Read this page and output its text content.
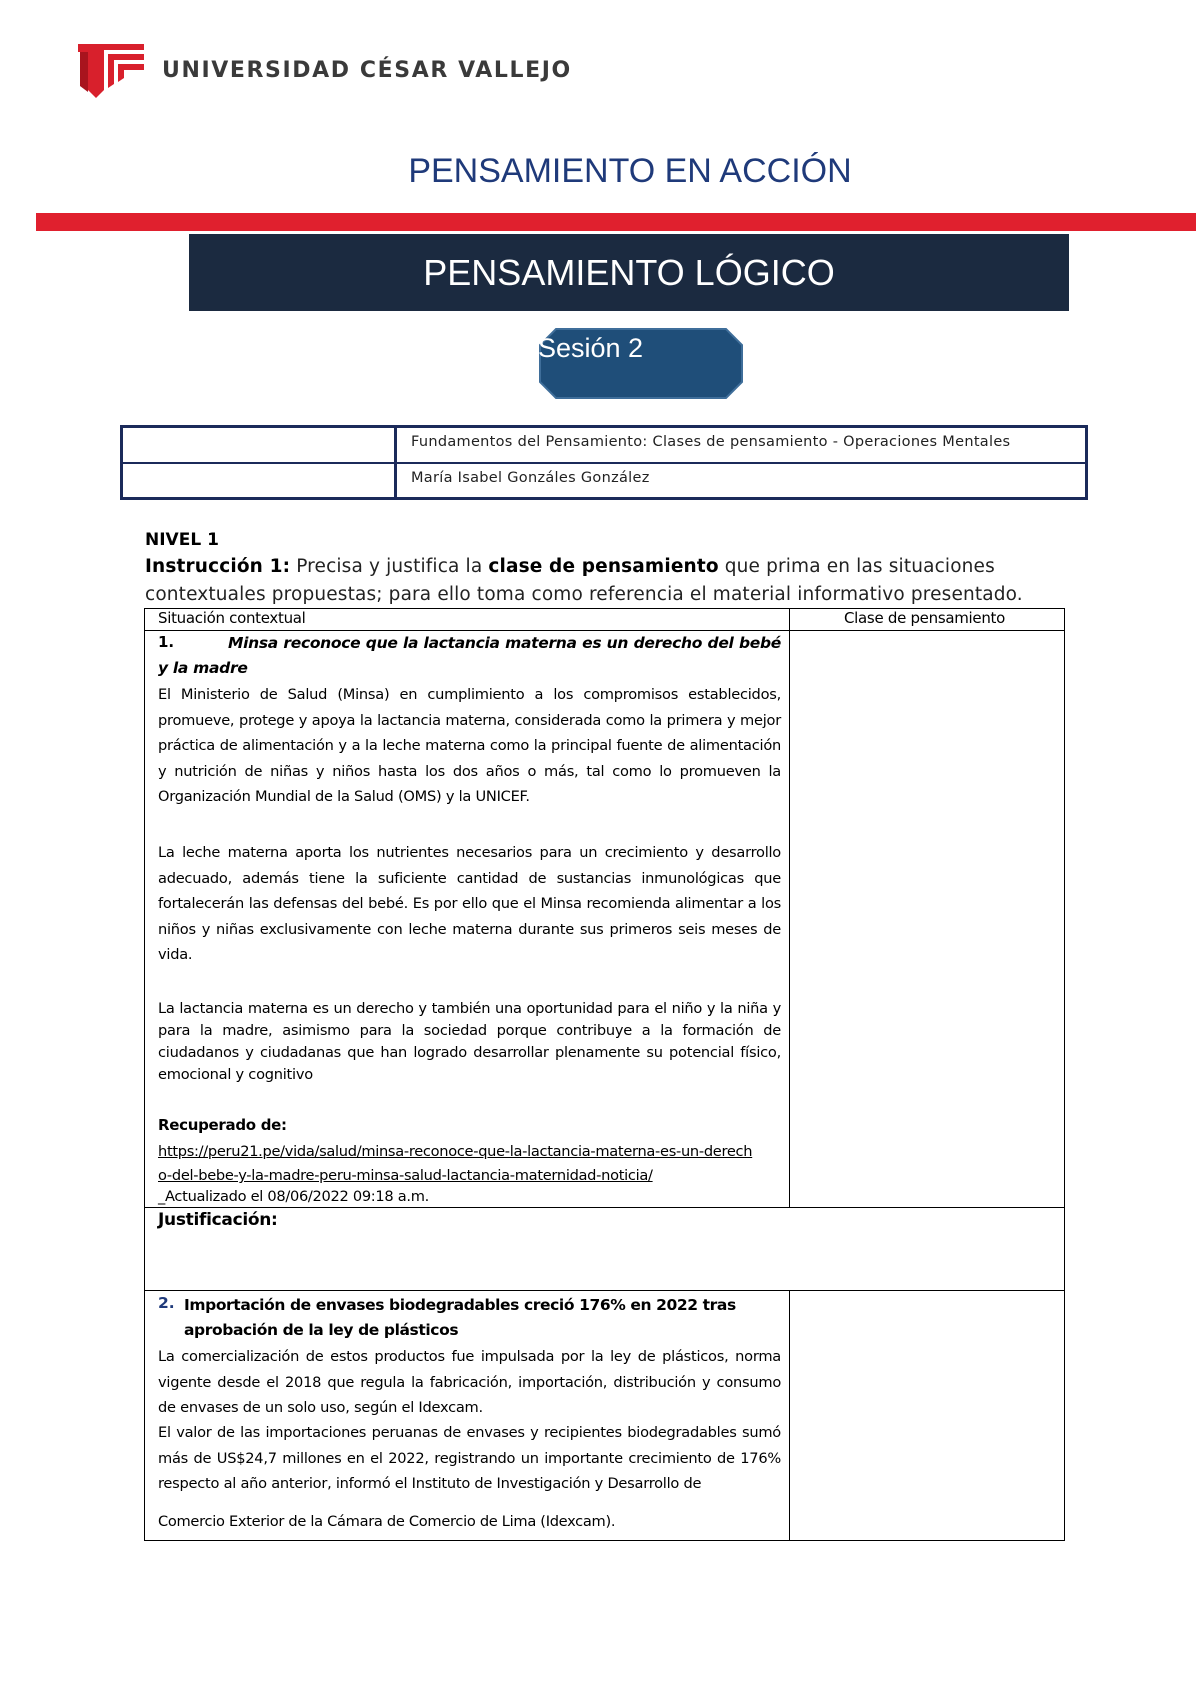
UNIVERSIDAD CÉSAR VALLEJO
PENSAMIENTO EN ACCIÓN
PENSAMIENTO LÓGICO
Sesión 2
Contenido temático:	Fundamentos del Pensamiento: Clases de pensamiento - Operaciones Mentales
Docente:	María Isabel Gonzáles González
NIVEL 1
Instrucción 1: Precisa y justifica la clase de pensamiento que prima en las situaciones contextuales propuestas; para ello toma como referencia el material informativo presentado.
Situación contextual	Clase de pensamiento
1.	Minsa reconoce que la lactancia materna es un derecho del bebé y la madre
El Ministerio de Salud (Minsa) en cumplimiento a los compromisos establecidos, promueve, protege y apoya la lactancia materna, considerada como la primera y mejor práctica de alimentación y a la leche materna como la principal fuente de alimentación y nutrición de niñas y niños hasta los dos años o más, tal como lo promueven la Organización Mundial de la Salud (OMS) y la UNICEF.
La leche materna aporta los nutrientes necesarios para un crecimiento y desarrollo adecuado, además tiene la suficiente cantidad de sustancias inmunológicas que fortalecerán las defensas del bebé. Es por ello que el Minsa recomienda alimentar a los niños y niñas exclusivamente con leche materna durante sus primeros seis meses de vida.
La lactancia materna es un derecho y también una oportunidad para el niño y la niña y para la madre, asimismo para la sociedad porque contribuye a la formación de ciudadanos y ciudadanas que han logrado desarrollar plenamente su potencial físico, emocional y cognitivo
Recuperado de:
https://peru21.pe/vida/salud/minsa-reconoce-que-la-lactancia-materna-es-un-derecho-del-bebe-y-la-madre-peru-minsa-salud-lactancia-maternidad-noticia/
_Actualizado el 08/06/2022 09:18 a.m.
Justificación:
2. Importación de envases biodegradables creció 176% en 2022 tras aprobación de la ley de plásticos
La comercialización de estos productos fue impulsada por la ley de plásticos, norma vigente desde el 2018 que regula la fabricación, importación, distribución y consumo de envases de un solo uso, según el Idexcam.
El valor de las importaciones peruanas de envases y recipientes biodegradables sumó más de US$24,7 millones en el 2022, registrando un importante crecimiento de 176% respecto al año anterior, informó el Instituto de Investigación y Desarrollo de
Comercio Exterior de la Cámara de Comercio de Lima (Idexcam).
